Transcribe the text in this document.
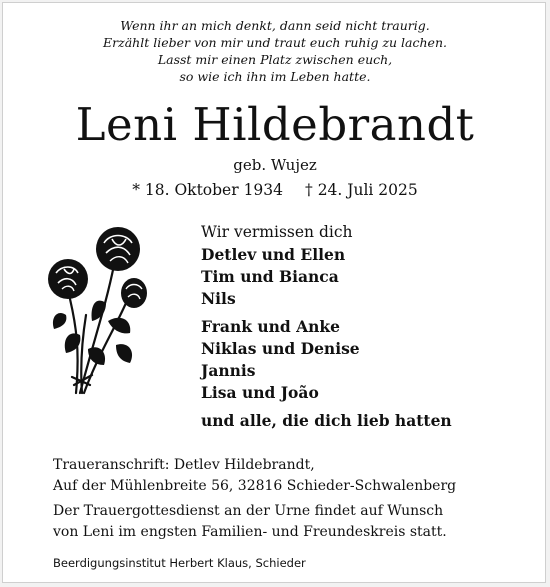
Wenn ihr an mich denkt, dann seid nicht traurig.
Erzählt lieber von mir und traut euch ruhig zu lachen.
Lasst mir einen Platz zwischen euch,
so wie ich ihn im Leben hatte.
Leni Hildebrandt
geb. Wujez
* 18. Oktober 1934 † 24. Juli 2025
Wir vermissen dich
Detlev und Ellen
Tim und Bianca
Nils
Frank und Anke
Niklas und Denise
Jannis
Lisa und João
und alle, die dich lieb hatten
Traueranschrift: Detlev Hildebrandt,
Auf der Mühlenbreite 56, 32816 Schieder-Schwalenberg
Der Trauergottesdienst an der Urne findet auf Wunsch
von Leni im engsten Familien- und Freundeskreis statt.
Beerdigungsinstitut Herbert Klaus, Schieder
